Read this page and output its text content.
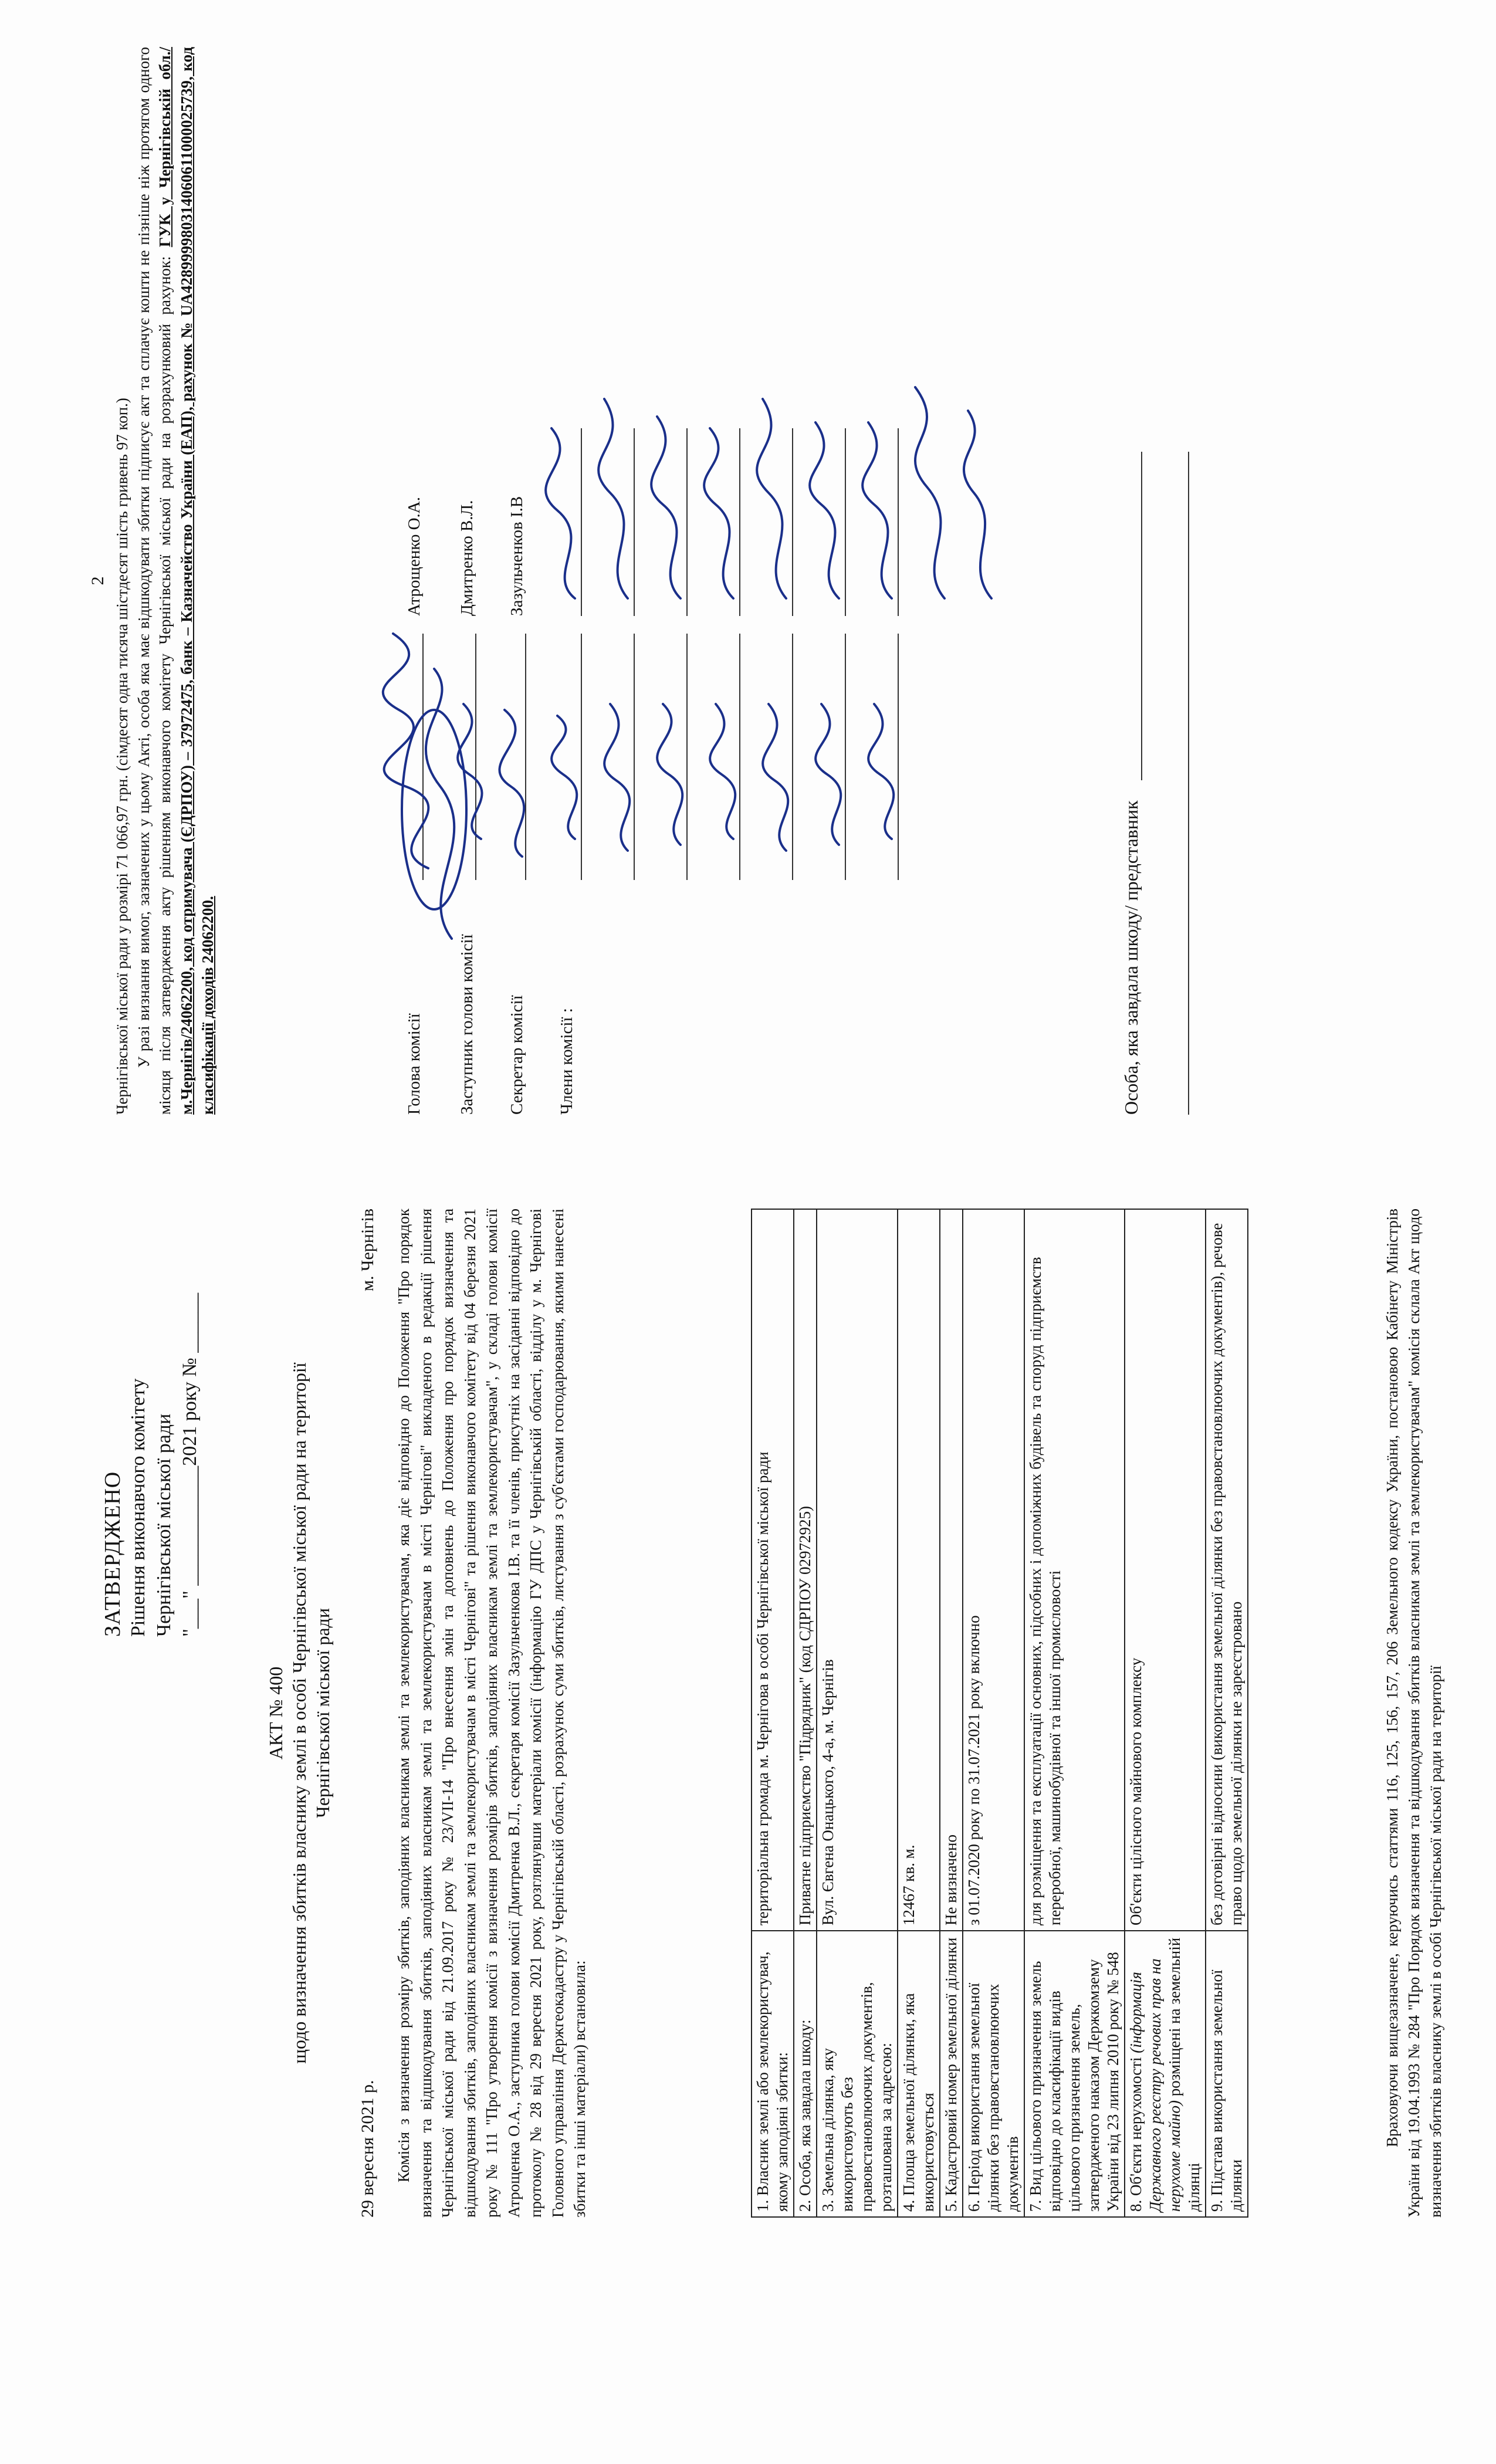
ЗАТВЕРДЖЕНО Рішення виконавчого комітету Чернігівської міської ради "___" ____________2021 року № ______
АКТ № 400 щодо визначення збитків власнику землі в особі Чернігівської міської ради на території Чернігівської міської ради
29 вересня 2021 р.
м. Чернігів Комісія з визначення розміру збитків, заподіяних власникам землі та землекористувачам, яка діє відповідно до Положення "Про порядок визначення та відшкодування збитків, заподіяних власникам землі та землекористувачам в місті Чернігові" викладеного в редакції рішення Чернігівської міської ради від 21.09.2017 року № 23/VII-14 "Про внесення змін та доповнень до Положення про порядок визначення та відшкодування збитків, заподіяних власникам землі та землекористувачам в місті Чернігові" та рішення виконавчого комітету від 04 березня 2021 року № 111 "Про утворення комісії з визначення розмірів збитків, заподіяних власникам землі та землекористувачам", у складі голови комісії Атрощенка О.А., заступника голови комісії Дмитренка В.Л., секретаря комісії Зазульченкова І.В. та її членів, присутніх на засіданні відповідно до протоколу № 28 від 29 вересня 2021 року, розглянувши матеріали комісії (інформацію ГУ ДПС у Чернігівській області, відділу у м. Чернігові Головного управління Держгеокадастру у Чернігівській області, розрахунок суми збитків, листування з суб'єктами господарювання, якими нанесені збитки та інші матеріали) встановила:	1. Власник землі або землекористувач, якому заподіяні збитки:	територіальна громада м. Чернігова в особі Чернігівської міської ради
2. Особа, яка завдала шкоду:	Приватне підприємство "Підрядник" (код СДРПОУ 02972925)
3. Земельна ділянка, яку використовують без правовстановлюючих документів, розташована за адресою:	Вул. Євгена Онацького, 4-а, м. Чернігів
4. Площа земельної ділянки, яка використовується	12467 кв. м.
5. Кадастровий номер земельної ділянки	Не визначено
6. Період використання земельної ділянки без правовстановлюючих документів	з 01.07.2020 року по 31.07.2021 року включно
7. Вид цільового призначення земель відповідно до класифікації видів цільового призначення земель, затвердженого наказом Держкомзему України від 23 липня 2010 року № 548	для розміщення та експлуатації основних, підсобних і допоміжних будівель та споруд підприємств переробної, машинобудівної та іншої промисловості
8. Об'єкти нерухомості (інформація Державного реєстру речових прав на нерухоме майно) розміщені на земельній ділянці	Об'єкти цілісного майнового комплексу
9. Підстава використання земельної ділянки	без договірні відносини (використання земельної ділянки без правовстановлюючих документів), речове право щодо земельної ділянки не зареєстровано	Враховуючи вищезазначене, керуючись статтями 116, 125, 156, 157, 206 Земельного кодексу України, постановою Кабінету Міністрів України від 19.04.1993 № 284 "Про Порядок визначення та відшкодування збитків власникам землі та землекористувачам" комісія склала Акт щодо визначення збитків власнику землі в особі Чернігівської міської ради на території
2 Чернігівської міської ради у розмірі 71 066,97 грн. (сімдесят одна тисяча шістдесят шість гривень 97 коп.) У разі визнання вимог, зазначених у цьому Акті, особа яка має відшкодувати збитки підписує акт та сплачує кошти не пізніше ніж протягом одного місяця після затвердження акту рішенням виконавчого комітету Чернігівської міської ради на розрахунковий рахунок: ГУК у Чернігівській обл./м.Чернігів/24062200, код отримувача (ЄДРПОУ) – 37972475, банк – Казначейство України (ЕАП), рахунок № UA428999980314060611000025739, код класифікації доходів 24062200.	Голова комісії
Атрощенко О.А.
Заступник голови комісії
Дмитренко В.Л.
Секретар комісії
Зазульченков І.В
Члени комісії :	Особа, яка завдала шкоду/ представник
